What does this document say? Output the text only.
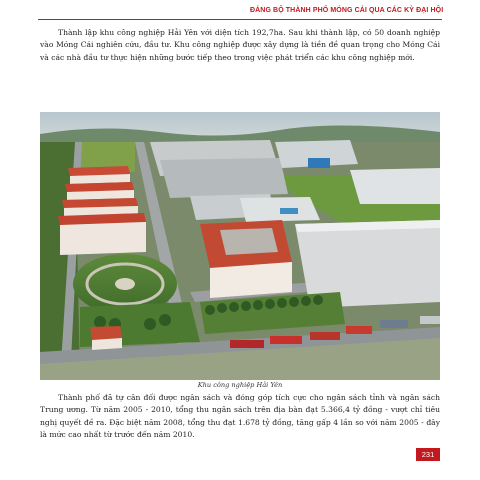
ĐẢNG BỘ THÀNH PHỐ MÓNG CÁI QUA CÁC KỲ ĐẠI HỘI

Thành lập khu công nghiệp Hải Yên với diện tích 192,7ha. Sau khi thành lập, có 50 doanh nghiệp vào Móng Cái nghiên cứu, đầu tư. Khu công nghiệp được xây dựng là tiền đề quan trọng cho Móng Cái và các nhà đầu tư thực hiện những bước tiếp theo trong việc phát triển các khu công nghiệp mới.

Khu công nghiệp Hải Yên

Thành phố đã tự cân đối được ngân sách và đóng góp tích cực cho ngân sách tỉnh và ngân sách Trung ương. Từ năm 2005 - 2010, tổng thu ngân sách trên địa bàn đạt 5.366,4 tỷ đồng - vượt chỉ tiêu nghị quyết đề ra. Đặc biệt năm 2008, tổng thu đạt 1.678 tỷ đồng, tăng gấp 4 lần so với năm 2005 - đây là mức cao nhất từ trước đến năm 2010.

231
